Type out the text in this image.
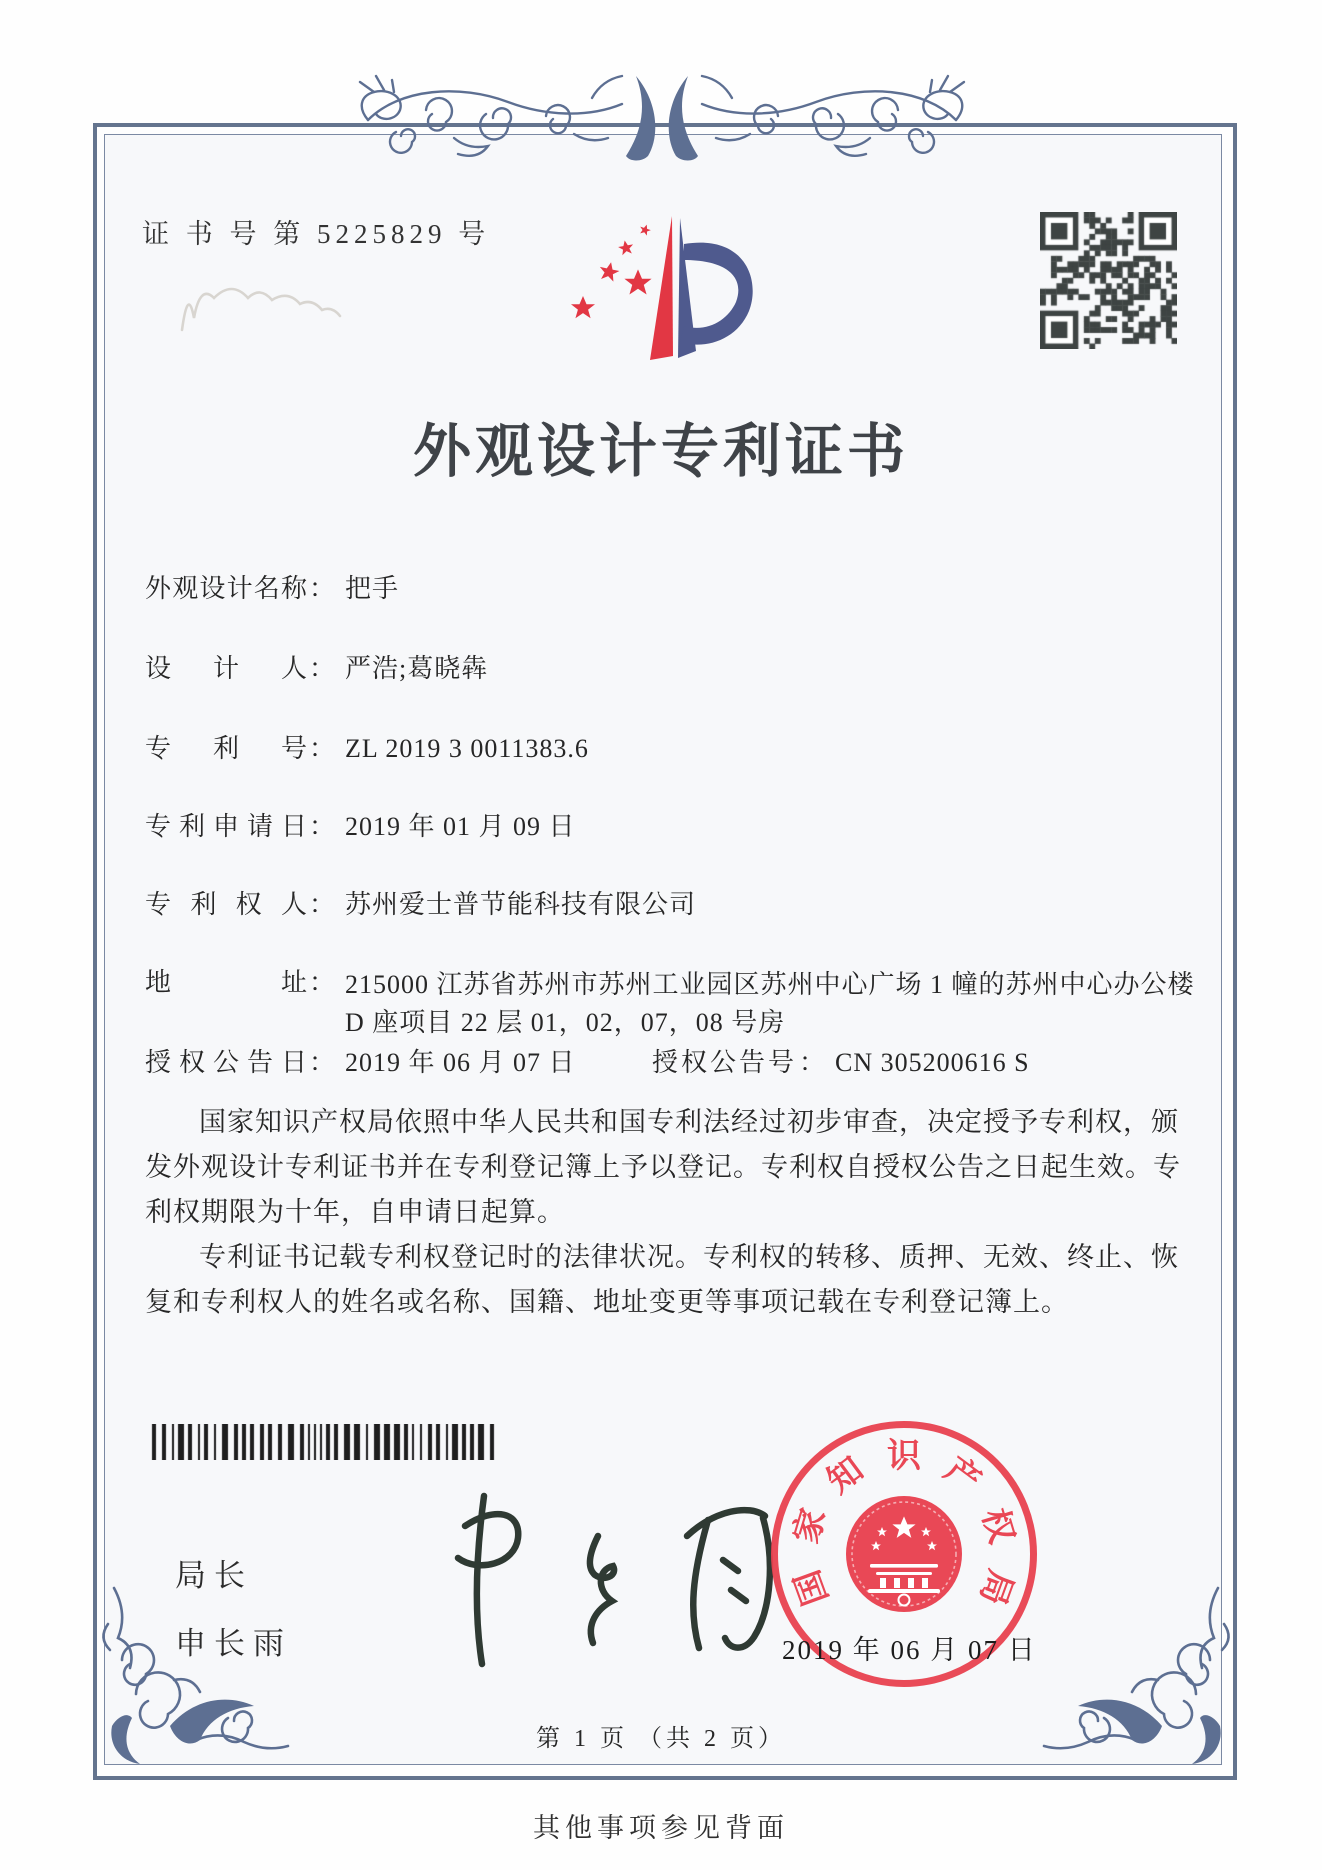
证 书 号 第 5225829 号
外观设计专利证书
外观设计名称： 把手
设计人： 严浩;葛晓犇
专利号： ZL 2019 3 0011383.6
专利申请日： 2019 年 01 月 09 日
专利权人： 苏州爱士普节能科技有限公司
地址： 215000 江苏省苏州市苏州工业园区苏州中心广场 1 幢的苏州中心办公楼 D 座项目 22 层 01，02，07，08 号房
授权公告日： 2019 年 06 月 07 日	授权公告号： CN 305200616 S

国家知识产权局依照中华人民共和国专利法经过初步审查，决定授予专利权，颁发外观设计专利证书并在专利登记簿上予以登记。专利权自授权公告之日起生效。专利权期限为十年，自申请日起算。

专利证书记载专利权登记时的法律状况。专利权的转移、质押、无效、终止、恢复和专利权人的姓名或名称、国籍、地址变更等事项记载在专利登记簿上。

局长
申长雨
国
家
知 识 产
权
局
2019 年 06 月 07 日
第 1 页 （共 2 页）
其他事项参见背面
